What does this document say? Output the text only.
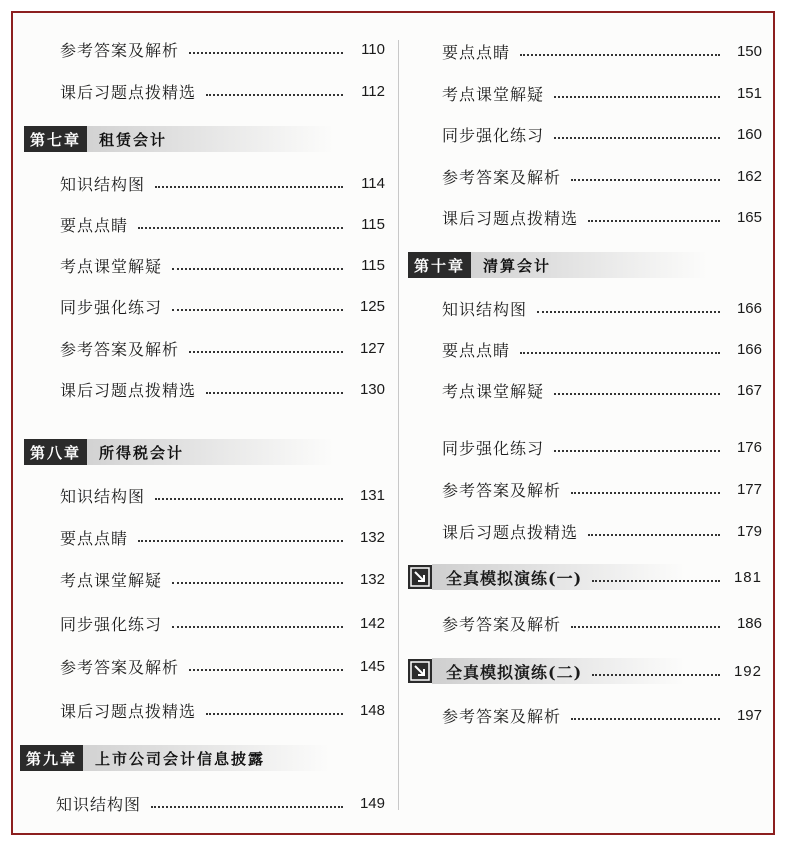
参考答案及解析	110
课后习题点拨精选	112
第七章	租赁会计
知识结构图	114
要点点睛	115
考点课堂解疑	115
同步强化练习	125
参考答案及解析	127
课后习题点拨精选	130
第八章	所得税会计
知识结构图	131
要点点睛	132
考点课堂解疑	132
同步强化练习	142
参考答案及解析	145
课后习题点拨精选	148
第九章	上市公司会计信息披露
知识结构图	149
要点点睛	150
考点课堂解疑	151
同步强化练习	160
参考答案及解析	162
课后习题点拨精选	165
第十章	清算会计
知识结构图	166
要点点睛	166
考点课堂解疑	167
同步强化练习	176
参考答案及解析	177
课后习题点拨精选	179
全真模拟演练(一)	181
参考答案及解析	186
全真模拟演练(二)	192
参考答案及解析	197
